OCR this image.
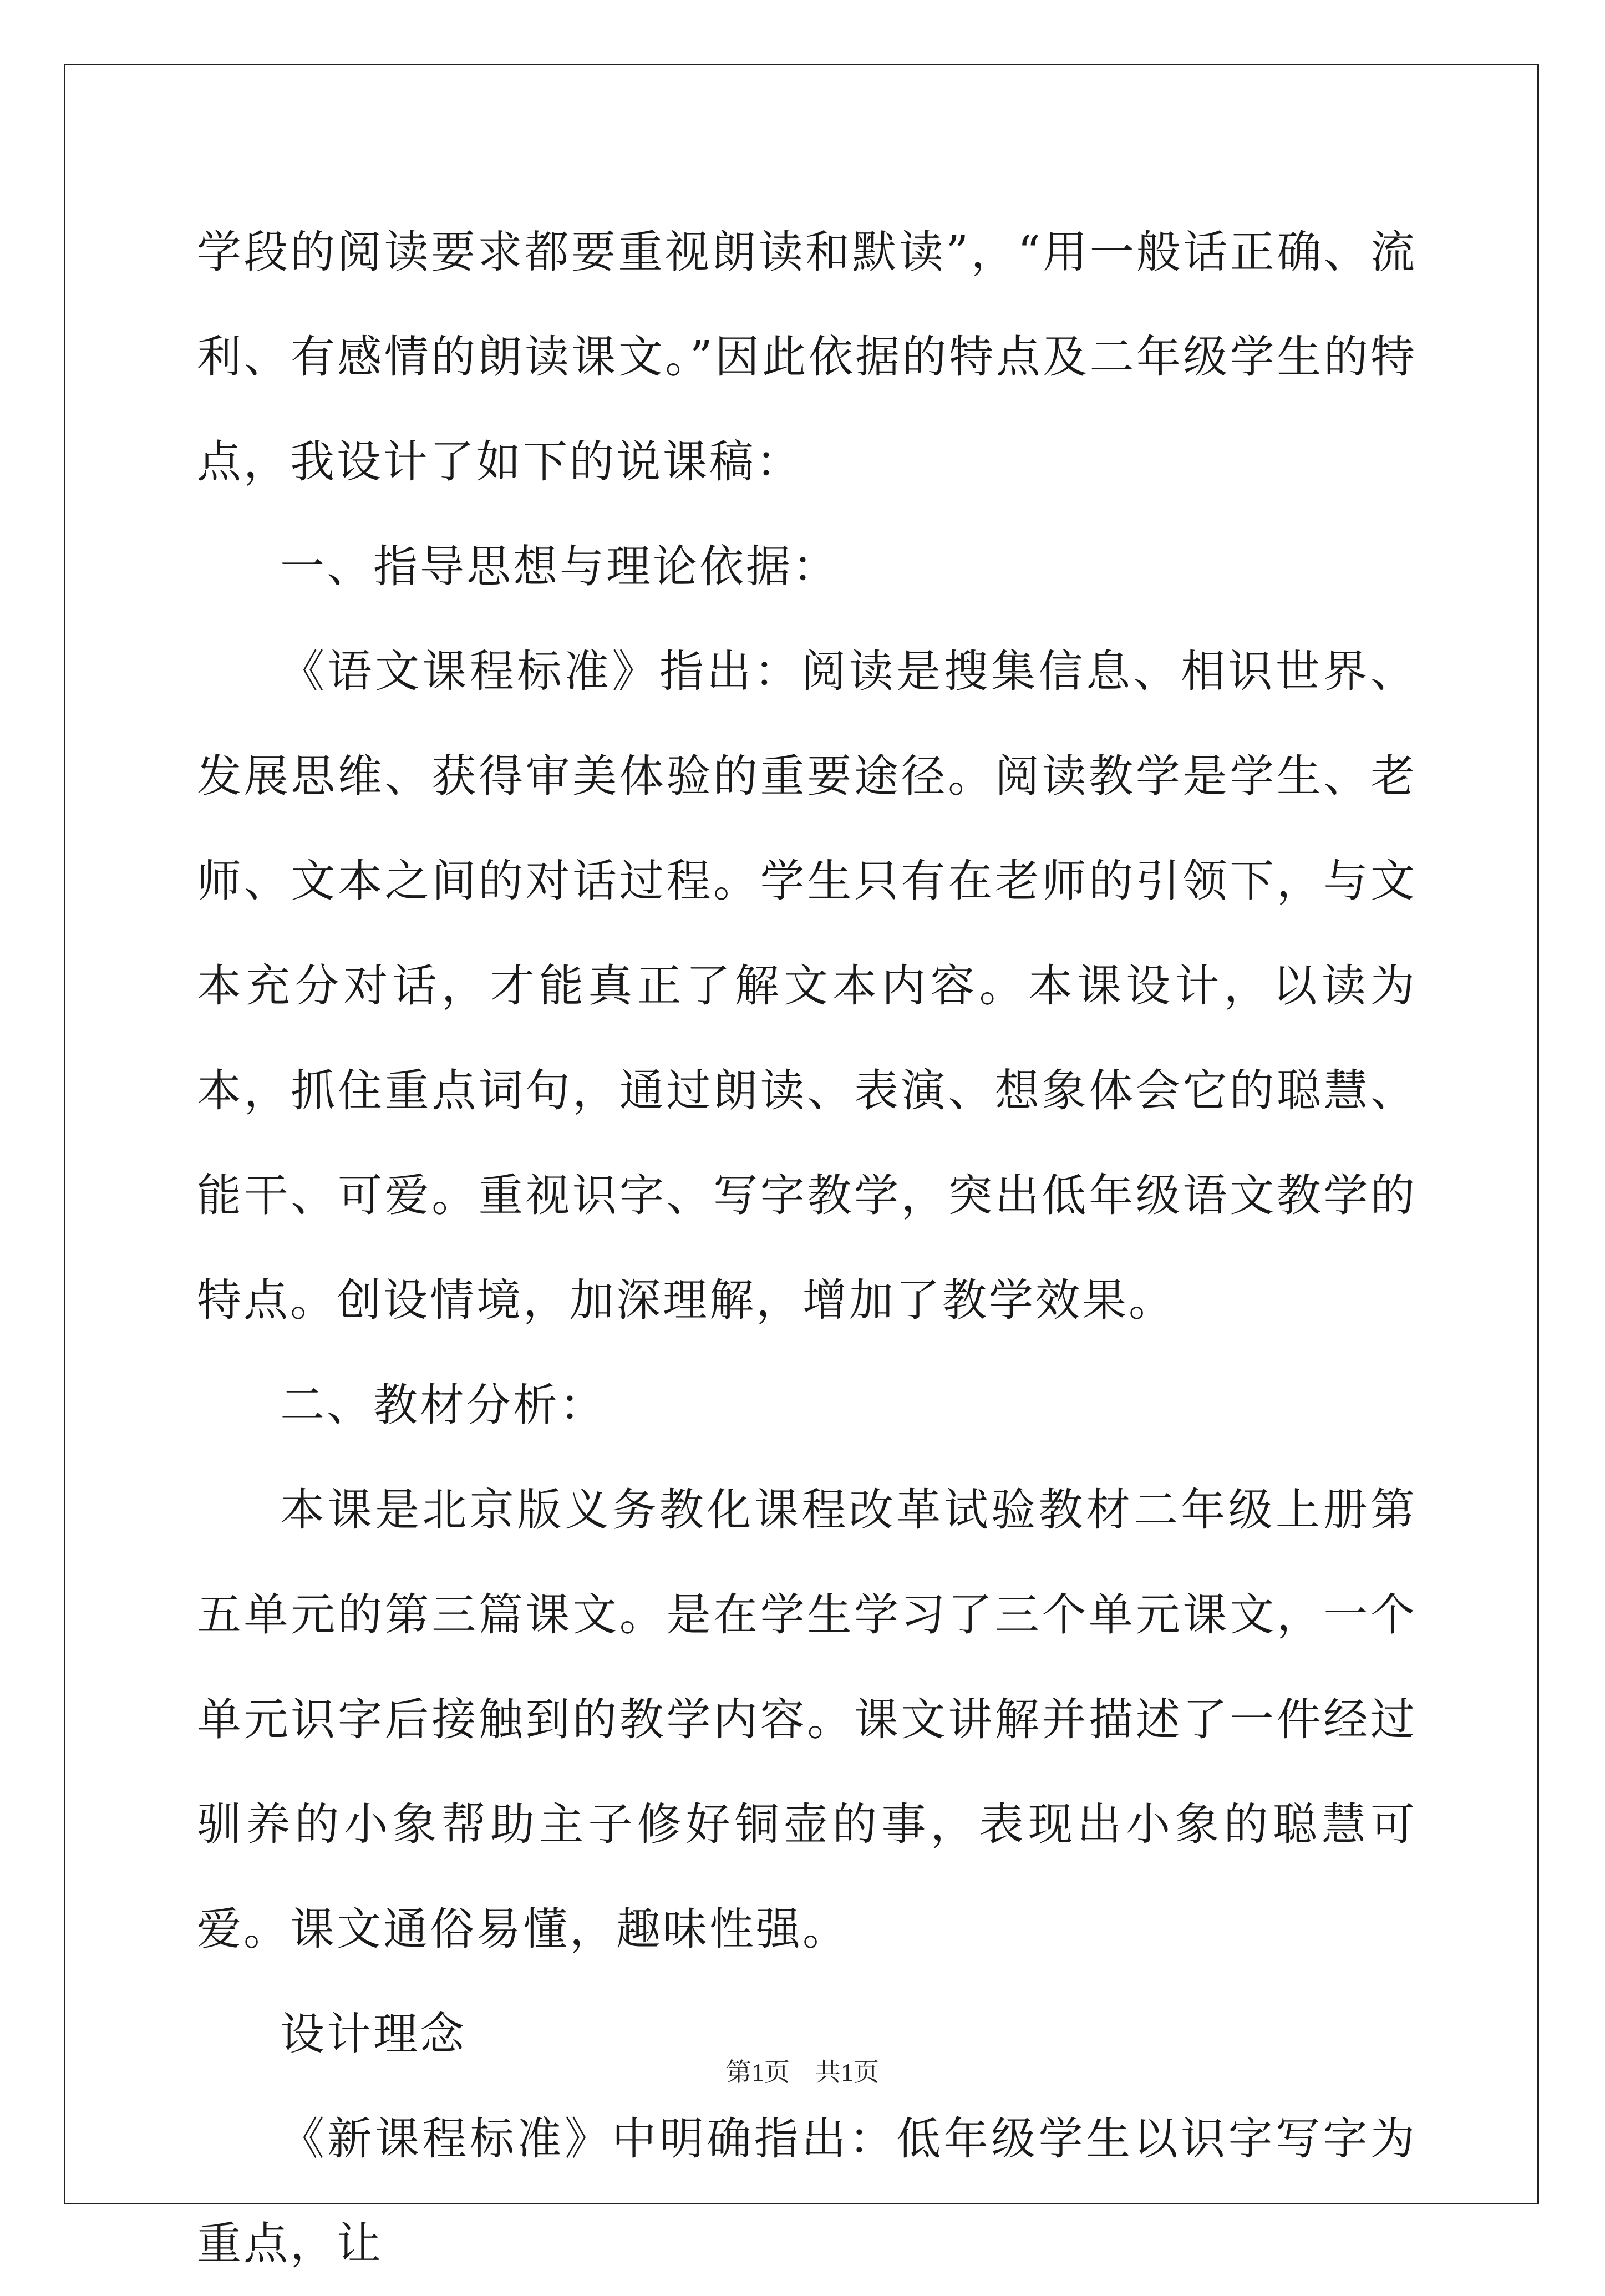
学段的阅读要求都要重视朗读和默读”，“用一般话正确、流利、有感情的朗读课文。”因此依据的特点及二年级学生的特点，我设计了如下的说课稿：

一、指导思想与理论依据：

《语文课程标准》指出：阅读是搜集信息、相识世界、发展思维、获得审美体验的重要途径。阅读教学是学生、老师、文本之间的对话过程。学生只有在老师的引领下，与文本充分对话，才能真正了解文本内容。本课设计，以读为本，抓住重点词句，通过朗读、表演、想象体会它的聪慧、能干、可爱。重视识字、写字教学，突出低年级语文教学的特点。创设情境，加深理解，增加了教学效果。

二、教材分析：

本课是北京版义务教化课程改革试验教材二年级上册第五单元的第三篇课文。是在学生学习了三个单元课文，一个单元识字后接触到的教学内容。课文讲解并描述了一件经过驯养的小象帮助主子修好铜壶的事，表现出小象的聪慧可爱。课文通俗易懂，趣味性强。

设计理念

《新课程标准》中明确指出：低年级学生以识字写字为重点，让

第1页 共1页
